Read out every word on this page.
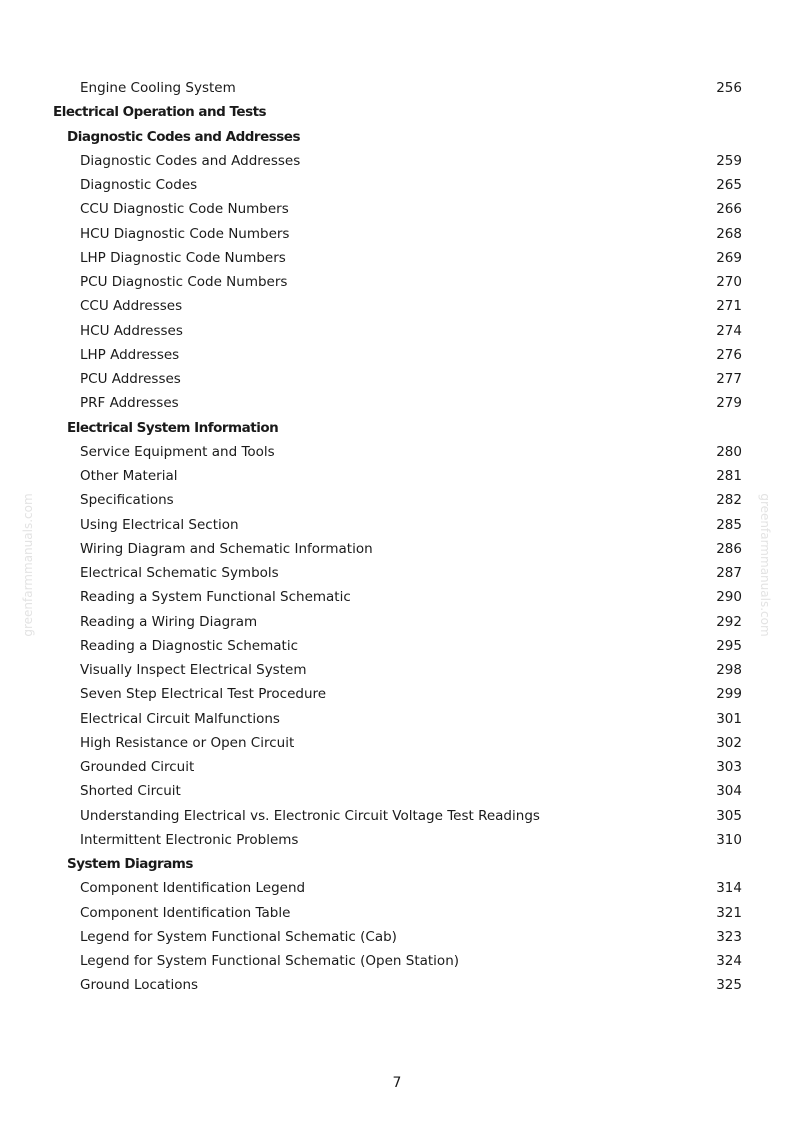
Engine Cooling System	256
Electrical Operation and Tests
Diagnostic Codes and Addresses
Diagnostic Codes and Addresses	259
Diagnostic Codes	265
CCU Diagnostic Code Numbers	266
HCU Diagnostic Code Numbers	268
LHP Diagnostic Code Numbers	269
PCU Diagnostic Code Numbers	270
CCU Addresses	271
HCU Addresses	274
LHP Addresses	276
PCU Addresses	277
PRF Addresses	279
Electrical System Information
Service Equipment and Tools	280
Other Material	281
Specifications	282
Using Electrical Section	285
Wiring Diagram and Schematic Information	286
Electrical Schematic Symbols	287
Reading a System Functional Schematic	290
Reading a Wiring Diagram	292
Reading a Diagnostic Schematic	295
Visually Inspect Electrical System	298
Seven Step Electrical Test Procedure	299
Electrical Circuit Malfunctions	301
High Resistance or Open Circuit	302
Grounded Circuit	303
Shorted Circuit	304
Understanding Electrical vs. Electronic Circuit Voltage Test Readings	305
Intermittent Electronic Problems	310
System Diagrams
Component Identification Legend	314
Component Identification Table	321
Legend for System Functional Schematic (Cab)	323
Legend for System Functional Schematic (Open Station)	324
Ground Locations	325
greenfarmmanuals.com	greenfarmmanuals.com
7
